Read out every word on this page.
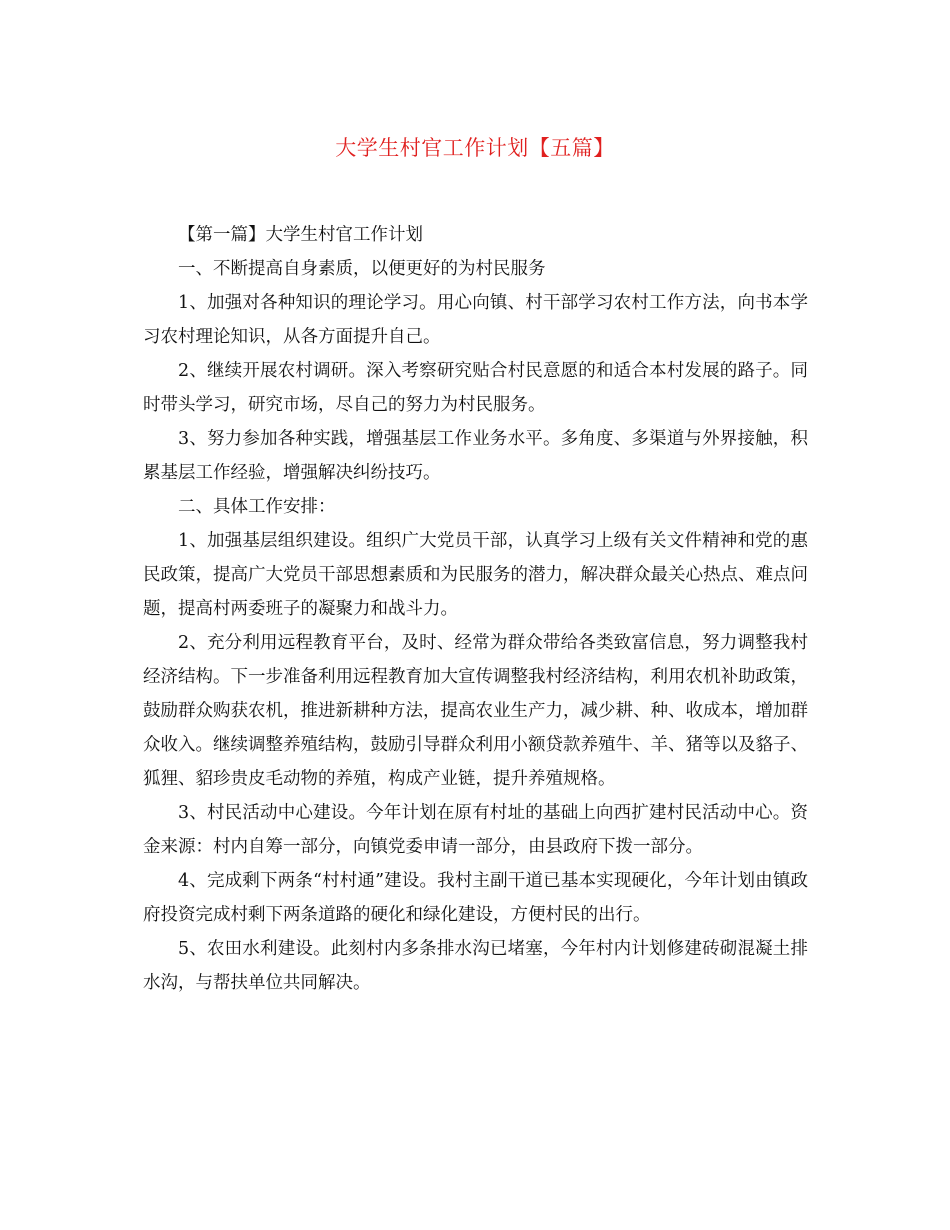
大学生村官工作计划【五篇】

【第一篇】大学生村官工作计划

一、不断提高自身素质，以便更好的为村民服务

1、加强对各种知识的理论学习。用心向镇、村干部学习农村工作方法，向书本学习农村理论知识，从各方面提升自己。

2、继续开展农村调研。深入考察研究贴合村民意愿的和适合本村发展的路子。同时带头学习，研究市场，尽自己的努力为村民服务。

3、努力参加各种实践，增强基层工作业务水平。多角度、多渠道与外界接触，积累基层工作经验，增强解决纠纷技巧。

二、具体工作安排：

1、加强基层组织建设。组织广大党员干部，认真学习上级有关文件精神和党的惠民政策，提高广大党员干部思想素质和为民服务的潜力，解决群众最关心热点、难点问题，提高村两委班子的凝聚力和战斗力。

2、充分利用远程教育平台，及时、经常为群众带给各类致富信息，努力调整我村经济结构。下一步准备利用远程教育加大宣传调整我村经济结构，利用农机补助政策，鼓励群众购获农机，推进新耕种方法，提高农业生产力，减少耕、种、收成本，增加群众收入。继续调整养殖结构，鼓励引导群众利用小额贷款养殖牛、羊、猪等以及貉子、狐狸、貂珍贵皮毛动物的养殖，构成产业链，提升养殖规格。

3、村民活动中心建设。今年计划在原有村址的基础上向西扩建村民活动中心。资金来源：村内自筹一部分，向镇党委申请一部分，由县政府下拨一部分。

4、完成剩下两条“村村通”建设。我村主副干道已基本实现硬化，今年计划由镇政府投资完成村剩下两条道路的硬化和绿化建设，方便村民的出行。

5、农田水利建设。此刻村内多条排水沟已堵塞，今年村内计划修建砖砌混凝土排水沟，与帮扶单位共同解决。
